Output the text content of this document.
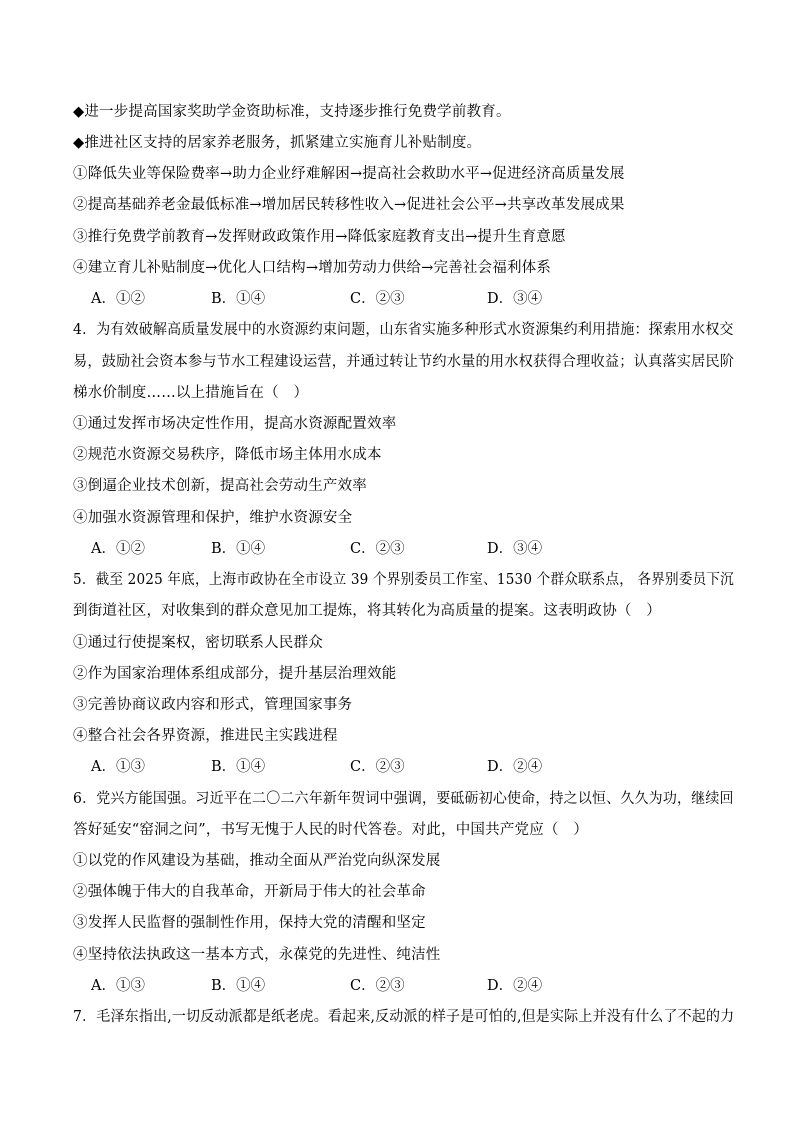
◆进一步提高国家奖助学金资助标准，支持逐步推行免费学前教育。
◆推进社区支持的居家养老服务，抓紧建立实施育儿补贴制度。
①降低失业等保险费率→助力企业纾难解困→提高社会救助水平→促进经济高质量发展
②提高基础养老金最低标准→增加居民转移性收入→促进社会公平→共享改革发展成果
③推行免费学前教育→发挥财政政策作用→降低家庭教育支出→提升生育意愿
④建立育儿补贴制度→优化人口结构→增加劳动力供给→完善社会福利体系
A．①②	B．①④	C．②③	D．③④
4．为有效破解高质量发展中的水资源约束问题，山东省实施多种形式水资源集约利用措施：探索用水权交
易，鼓励社会资本参与节水工程建设运营，并通过转让节约水量的用水权获得合理收益；认真落实居民阶
梯水价制度……以上措施旨在（　）
①通过发挥市场决定性作用，提高水资源配置效率
②规范水资源交易秩序，降低市场主体用水成本
③倒逼企业技术创新，提高社会劳动生产效率
④加强水资源管理和保护，维护水资源安全
A．①②	B．①④	C．②③	D．③④
5．截至 2025 年底，上海市政协在全市设立 39 个界别委员工作室、1530 个群众联系点， 各界别委员下沉
到街道社区，对收集到的群众意见加工提炼，将其转化为高质量的提案。这表明政协（　）
①通过行使提案权，密切联系人民群众
②作为国家治理体系组成部分，提升基层治理效能
③完善协商议政内容和形式，管理国家事务
④整合社会各界资源，推进民主实践进程
A．①③	B．①④	C．②③	D．②④
6．党兴方能国强。习近平在二〇二六年新年贺词中强调，要砥砺初心使命，持之以恒、久久为功，继续回
答好延安“窑洞之问”，书写无愧于人民的时代答卷。对此，中国共产党应（　）
①以党的作风建设为基础，推动全面从严治党向纵深发展
②强体魄于伟大的自我革命，开新局于伟大的社会革命
③发挥人民监督的强制性作用，保持大党的清醒和坚定
④坚持依法执政这一基本方式，永葆党的先进性、纯洁性
A．①③	B．①④	C．②③	D．②④
7．毛泽东指出,一切反动派都是纸老虎。看起来,反动派的样子是可怕的,但是实际上并没有什么了不起的力
